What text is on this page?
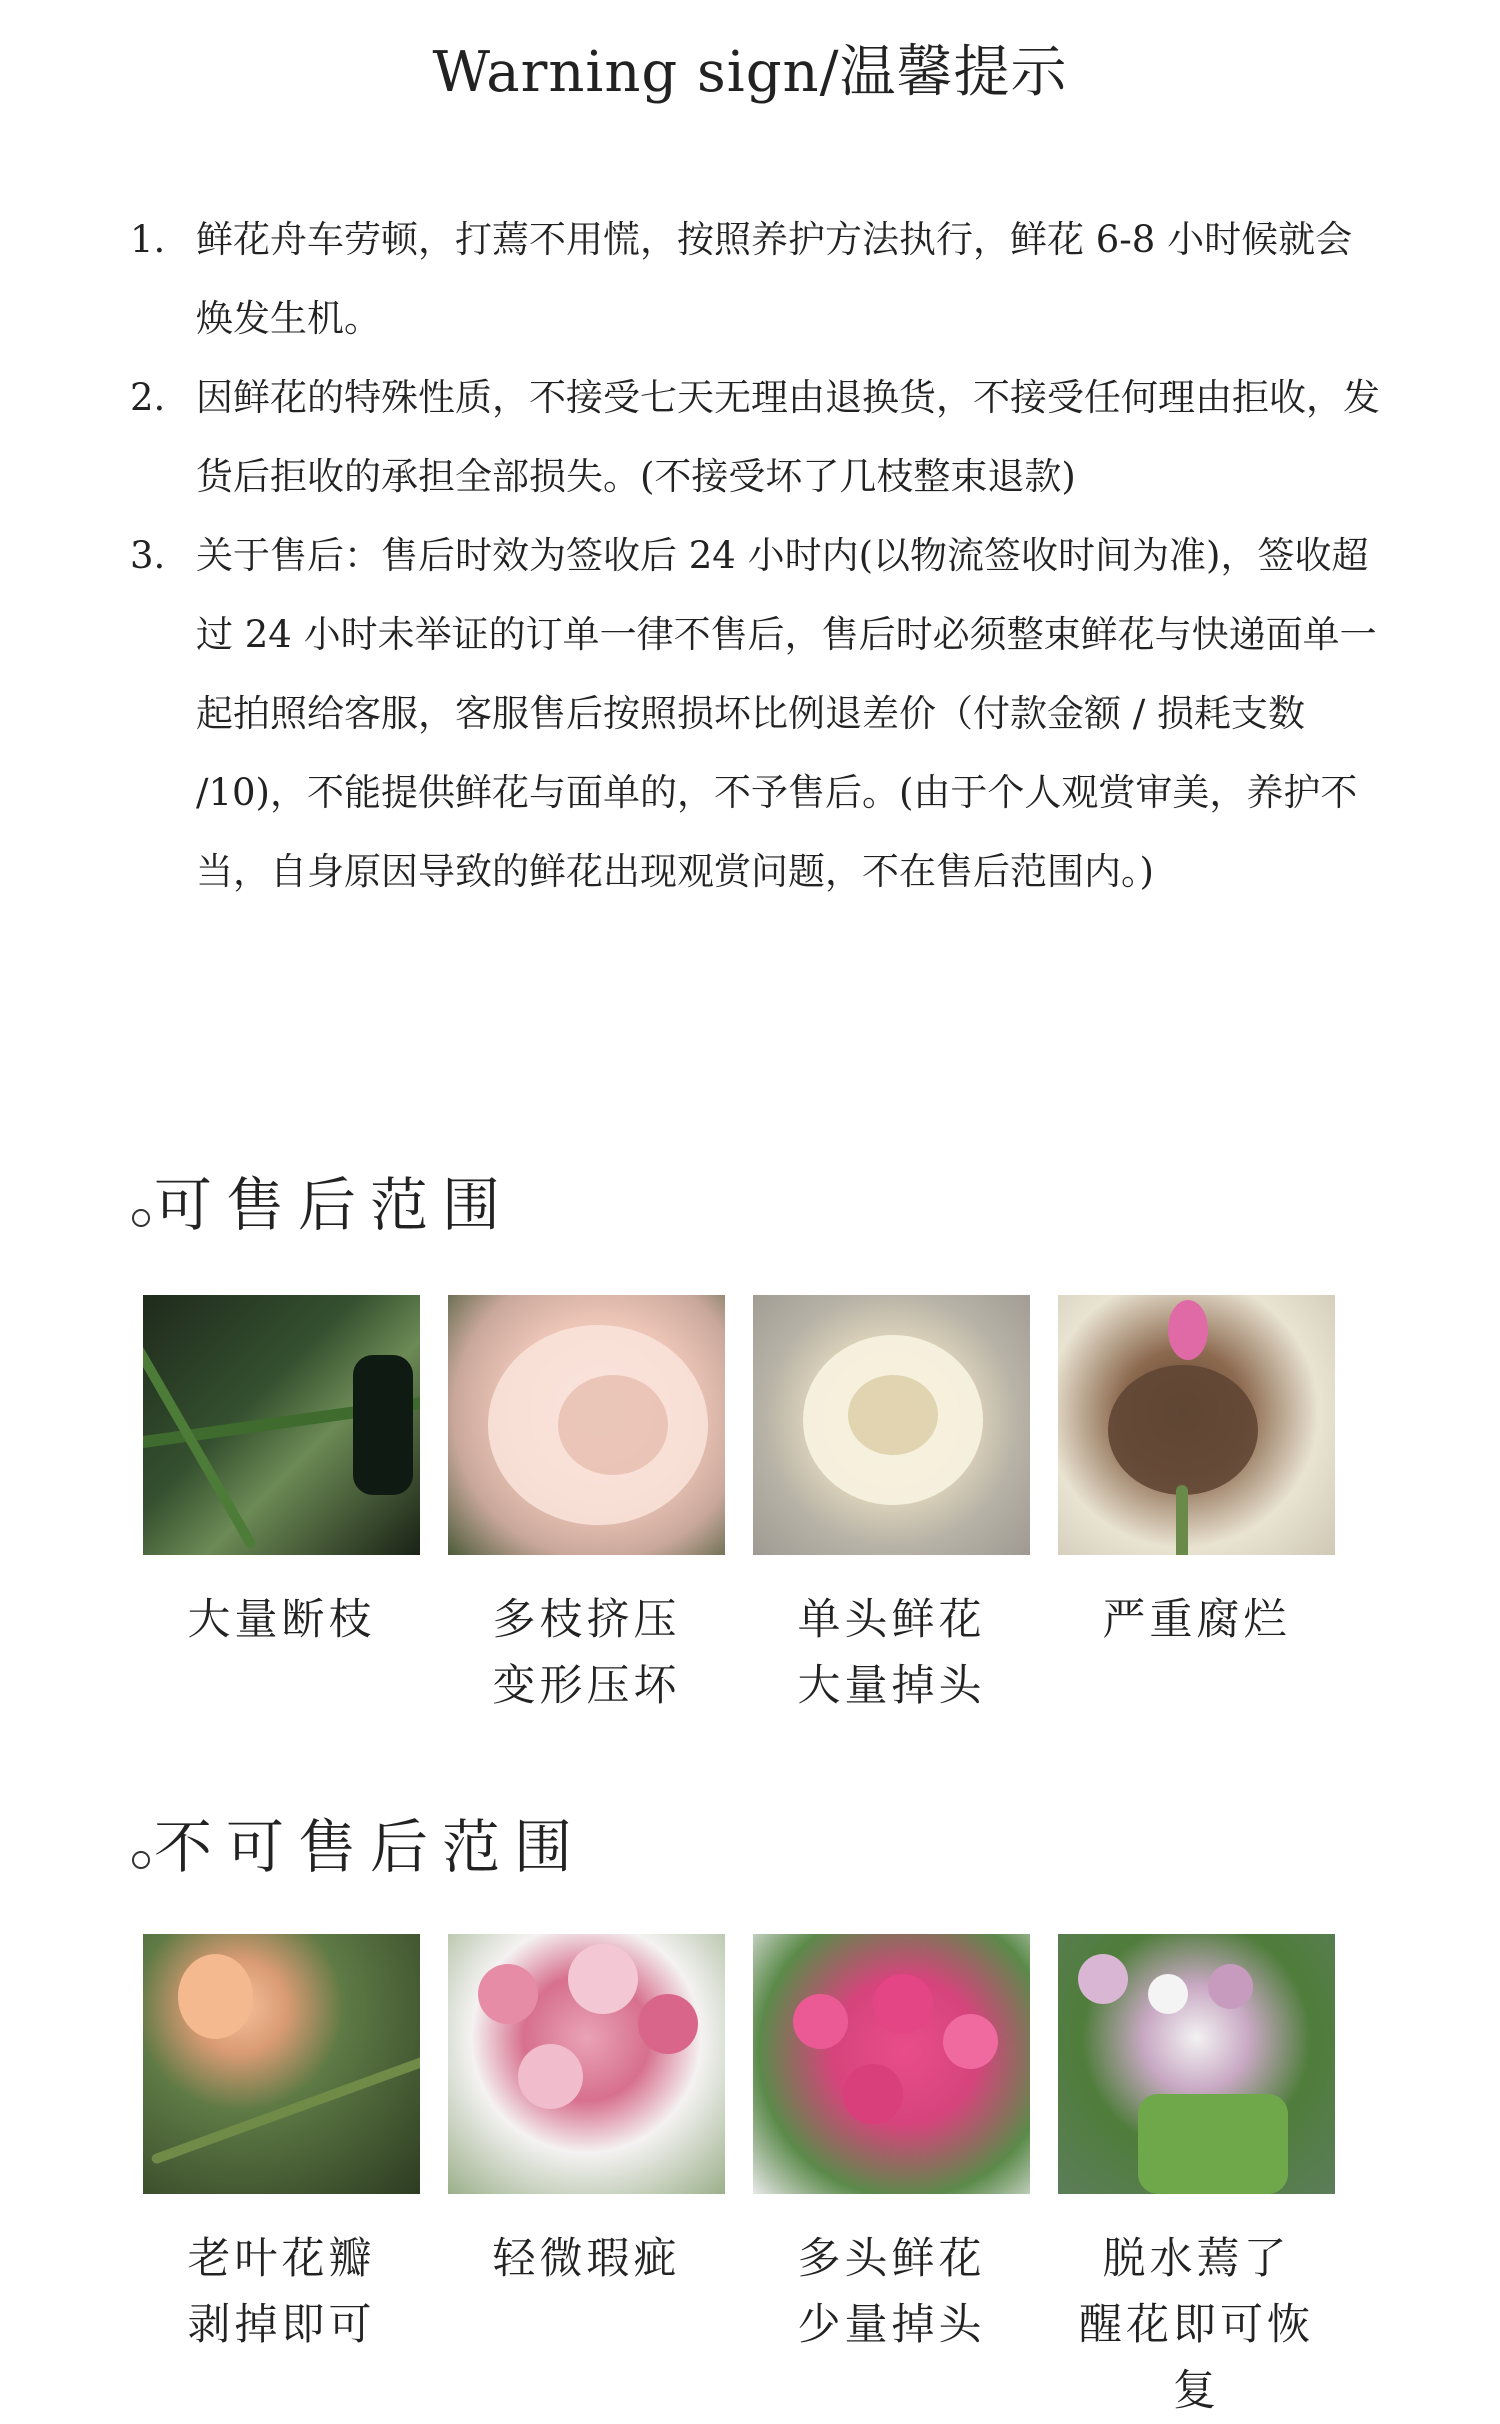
Warning sign/温馨提示
1. 鲜花舟车劳顿，打蔫不用慌，按照养护方法执行，鲜花 6-8 小时候就会焕发生机。
2. 因鲜花的特殊性质，不接受七天无理由退换货，不接受任何理由拒收，发货后拒收的承担全部损失。(不接受坏了几枝整束退款)
3. 关于售后：售后时效为签收后 24 小时内(以物流签收时间为准)，签收超过 24 小时未举证的订单一律不售后，售后时必须整束鲜花与快递面单一起拍照给客服，客服售后按照损坏比例退差价（付款金额 / 损耗支数 /10)，不能提供鲜花与面单的，不予售后。(由于个人观赏审美，养护不当，自身原因导致的鲜花出现观赏问题，不在售后范围内。)
可售后范围
大量断枝	多枝挤压
变形压坏
单头鲜花
大量掉头
严重腐烂
不可售后范围
老叶花瓣
剥掉即可
轻微瑕疵	多头鲜花
少量掉头
脱水蔫了
醒花即可恢复
